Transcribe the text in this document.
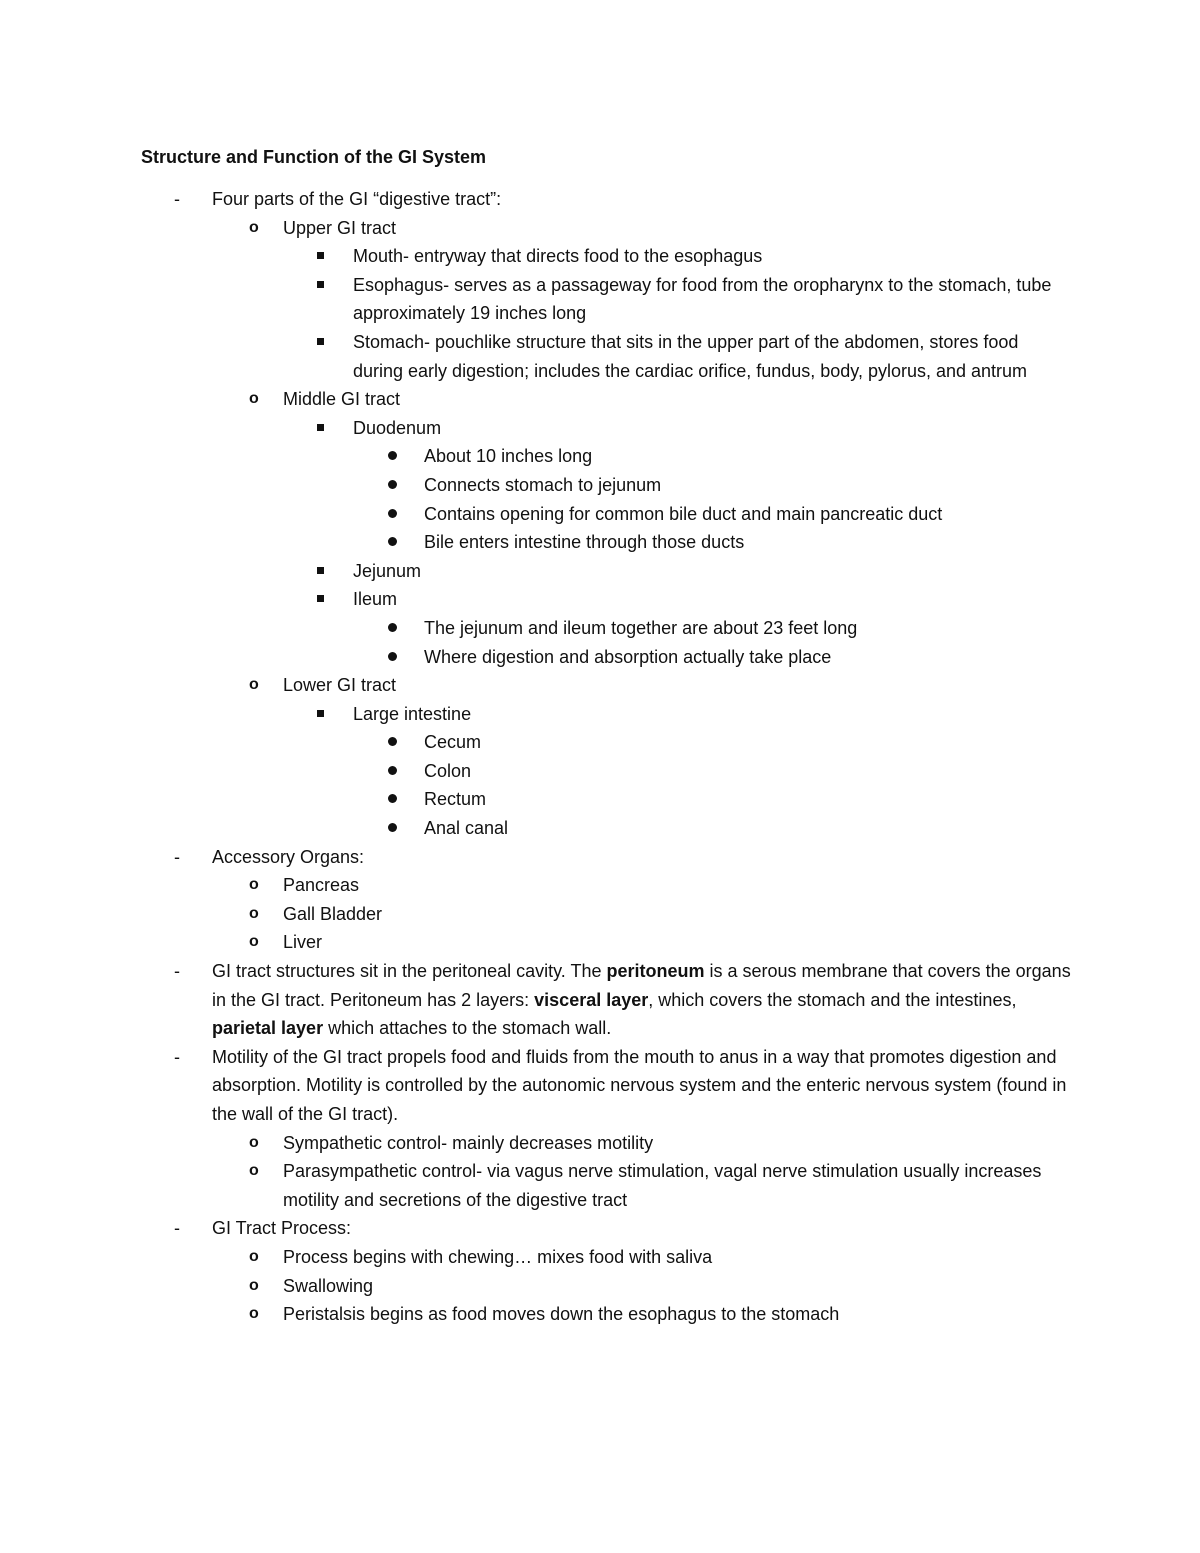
Structure and Function of the GI System
- Four parts of the GI “digestive tract”:
o Upper GI tract
Mouth- entryway that directs food to the esophagus
Esophagus- serves as a passageway for food from the oropharynx to the stomach, tube approximately 19 inches long
Stomach- pouchlike structure that sits in the upper part of the abdomen, stores food during early digestion; includes the cardiac orifice, fundus, body, pylorus, and antrum
o Middle GI tract
Duodenum
About 10 inches long
Connects stomach to jejunum
Contains opening for common bile duct and main pancreatic duct
Bile enters intestine through those ducts
Jejunum
Ileum
The jejunum and ileum together are about 23 feet long
Where digestion and absorption actually take place
o Lower GI tract
Large intestine
Cecum
Colon
Rectum
Anal canal
- Accessory Organs:
o Pancreas
o Gall Bladder
o Liver
- GI tract structures sit in the peritoneal cavity. The peritoneum is a serous membrane that covers the organs in the GI tract. Peritoneum has 2 layers: visceral layer, which covers the stomach and the intestines, parietal layer which attaches to the stomach wall.
- Motility of the GI tract propels food and fluids from the mouth to anus in a way that promotes digestion and absorption. Motility is controlled by the autonomic nervous system and the enteric nervous system (found in the wall of the GI tract).
o Sympathetic control- mainly decreases motility
o Parasympathetic control- via vagus nerve stimulation, vagal nerve stimulation usually increases motility and secretions of the digestive tract
- GI Tract Process:
o Process begins with chewing… mixes food with saliva
o Swallowing
o Peristalsis begins as food moves down the esophagus to the stomach
